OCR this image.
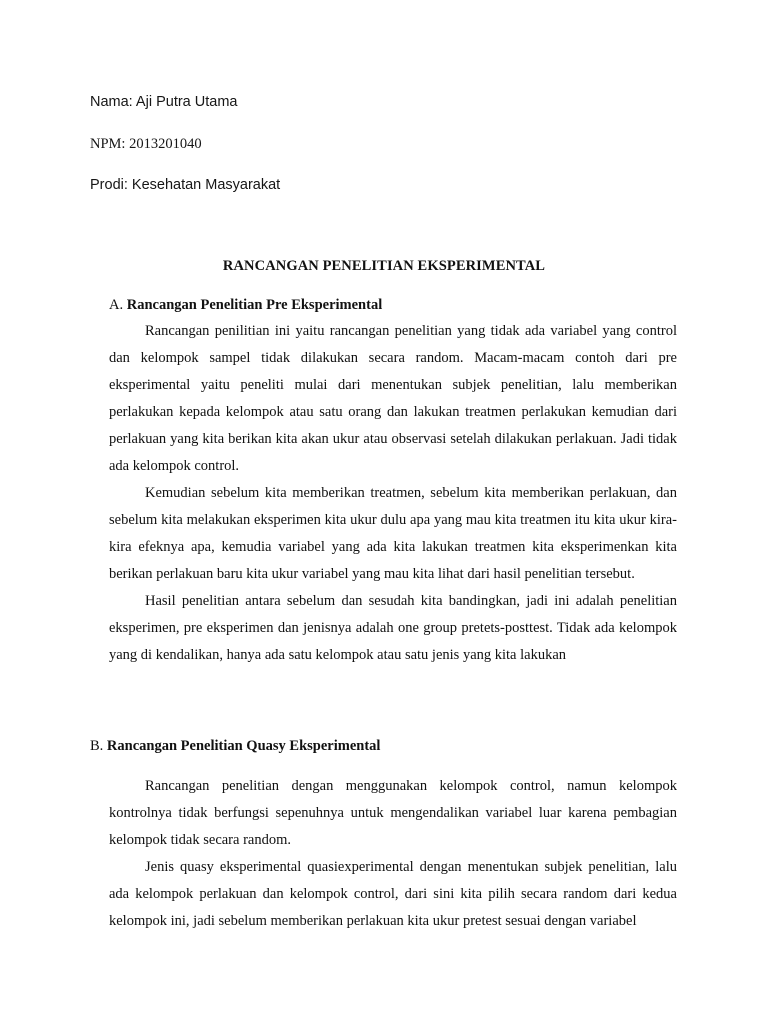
Nama: Aji Putra Utama
NPM: 2013201040
Prodi: Kesehatan Masyarakat
RANCANGAN PENELITIAN EKSPERIMENTAL
A. Rancangan Penelitian Pre Eksperimental

Rancangan penilitian ini yaitu rancangan penelitian yang tidak ada variabel yang control dan kelompok sampel tidak dilakukan secara random. Macam-macam contoh dari pre eksperimental yaitu peneliti mulai dari menentukan subjek penelitian, lalu memberikan perlakukan kepada kelompok atau satu orang dan lakukan treatmen perlakukan kemudian dari perlakuan yang kita berikan kita akan ukur atau observasi setelah dilakukan perlakuan. Jadi tidak ada kelompok control.

Kemudian sebelum kita memberikan treatmen, sebelum kita memberikan perlakuan, dan sebelum kita melakukan eksperimen kita ukur dulu apa yang mau kita treatmen itu kita ukur kira-kira efeknya apa, kemudia variabel yang ada kita lakukan treatmen kita eksperimenkan kita berikan perlakuan baru kita ukur variabel yang mau kita lihat dari hasil penelitian tersebut.

Hasil penelitian antara sebelum dan sesudah kita bandingkan, jadi ini adalah penelitian eksperimen, pre eksperimen dan jenisnya adalah one group pretets-posttest. Tidak ada kelompok yang di kendalikan, hanya ada satu kelompok atau satu jenis yang kita lakukan

B. Rancangan Penelitian Quasy Eksperimental

Rancangan penelitian dengan menggunakan kelompok control, namun kelompok kontrolnya tidak berfungsi sepenuhnya untuk mengendalikan variabel luar karena pembagian kelompok tidak secara random.

Jenis quasy eksperimental quasiexperimental dengan menentukan subjek penelitian, lalu ada kelompok perlakuan dan kelompok control, dari sini kita pilih secara random dari kedua kelompok ini, jadi sebelum memberikan perlakuan kita ukur pretest sesuai dengan variabel
